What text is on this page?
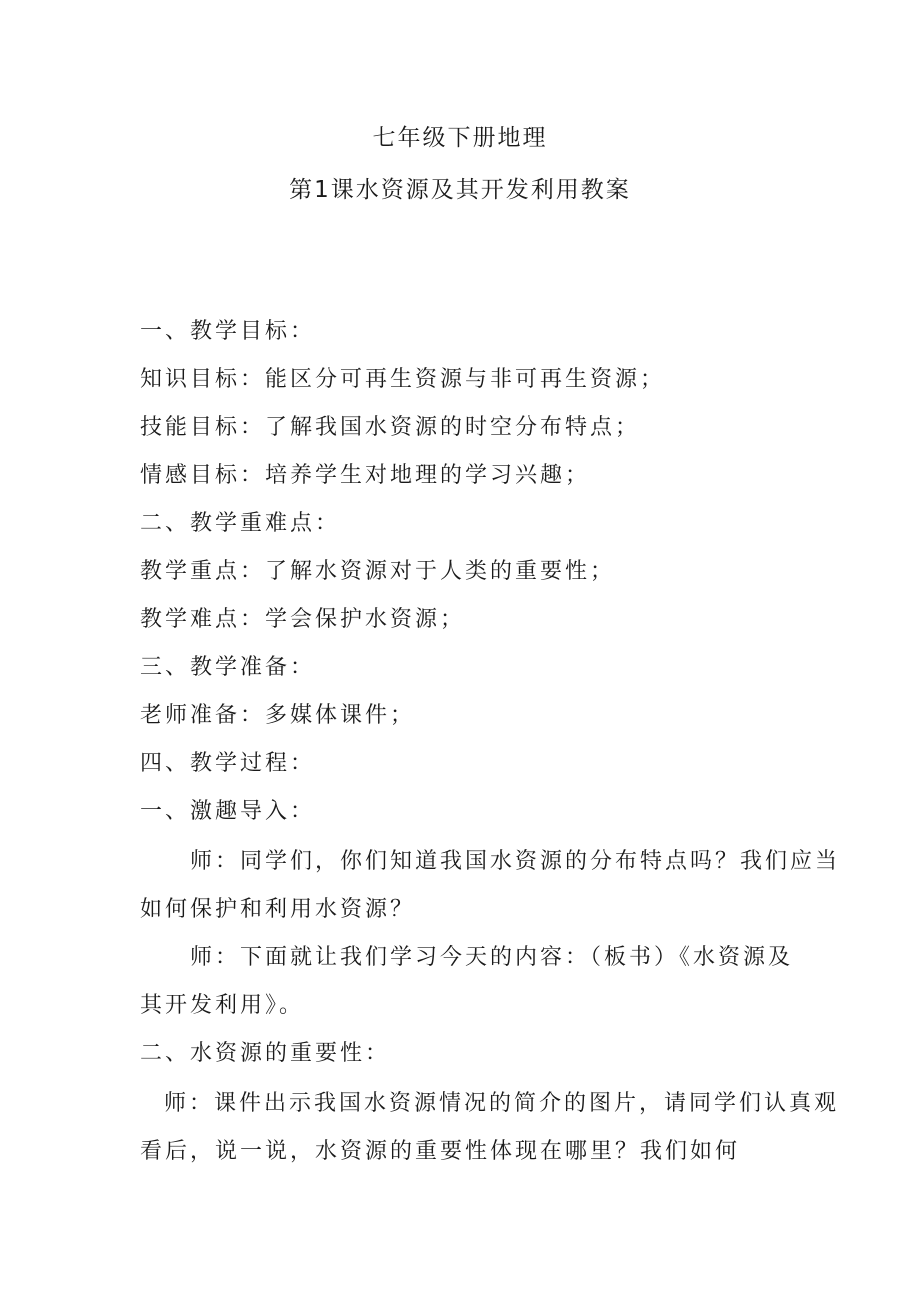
七年级下册地理
第1课水资源及其开发利用教案
一、教学目标：
知识目标：能区分可再生资源与非可再生资源；
技能目标：了解我国水资源的时空分布特点；
情感目标：培养学生对地理的学习兴趣；
二、教学重难点：
教学重点：了解水资源对于人类的重要性；
教学难点：学会保护水资源；
三、教学准备：
老师准备：多媒体课件；
四、教学过程：
一、激趣导入：
师：同学们，你们知道我国水资源的分布特点吗？我们应当
如何保护和利用水资源？
师：下面就让我们学习今天的内容：（板书）《水资源及
其开发利用》。
二、水资源的重要性：
师：课件出示我国水资源情况的简介的图片，请同学们认真观
看后，说一说，水资源的重要性体现在哪里？我们如何
